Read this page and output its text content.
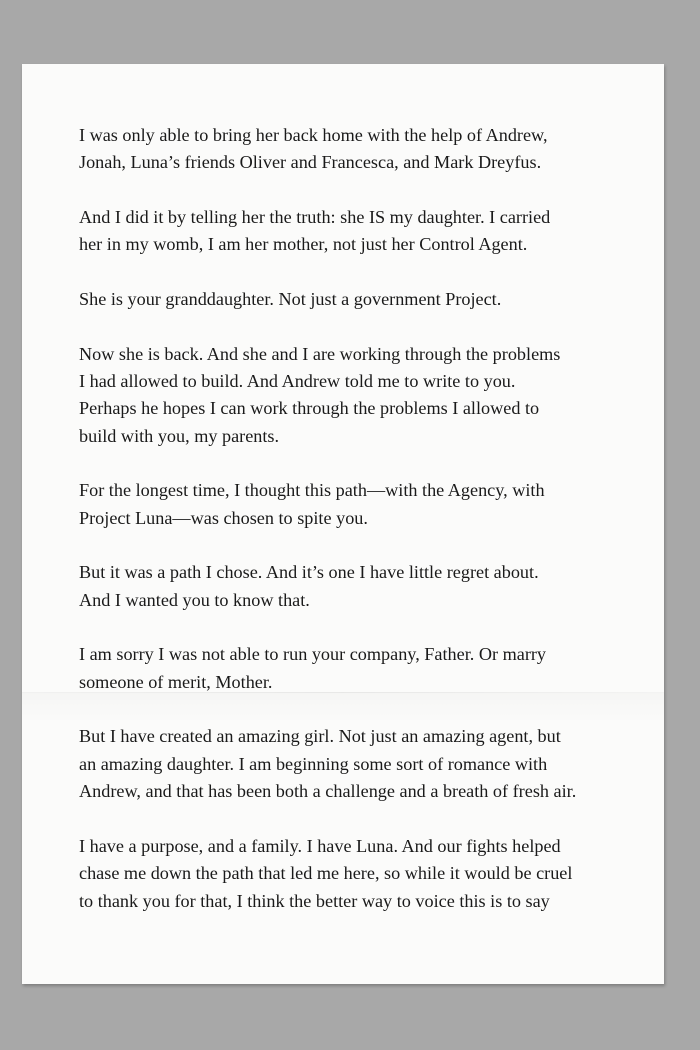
I was only able to bring her back home with the help of Andrew,
Jonah, Luna’s friends Oliver and Francesca, and Mark Dreyfus.

And I did it by telling her the truth: she IS my daughter. I carried
her in my womb, I am her mother, not just her Control Agent.

She is your granddaughter. Not just a government Project.

Now she is back. And she and I are working through the problems
I had allowed to build. And Andrew told me to write to you.
Perhaps he hopes I can work through the problems I allowed to
build with you, my parents.

For the longest time, I thought this path—with the Agency, with
Project Luna—was chosen to spite you.

But it was a path I chose. And it’s one I have little regret about.
And I wanted you to know that.

I am sorry I was not able to run your company, Father. Or marry
someone of merit, Mother.

But I have created an amazing girl. Not just an amazing agent, but
an amazing daughter. I am beginning some sort of romance with
Andrew, and that has been both a challenge and a breath of fresh air.

I have a purpose, and a family. I have Luna. And our fights helped
chase me down the path that led me here, so while it would be cruel
to thank you for that, I think the better way to voice this is to say
